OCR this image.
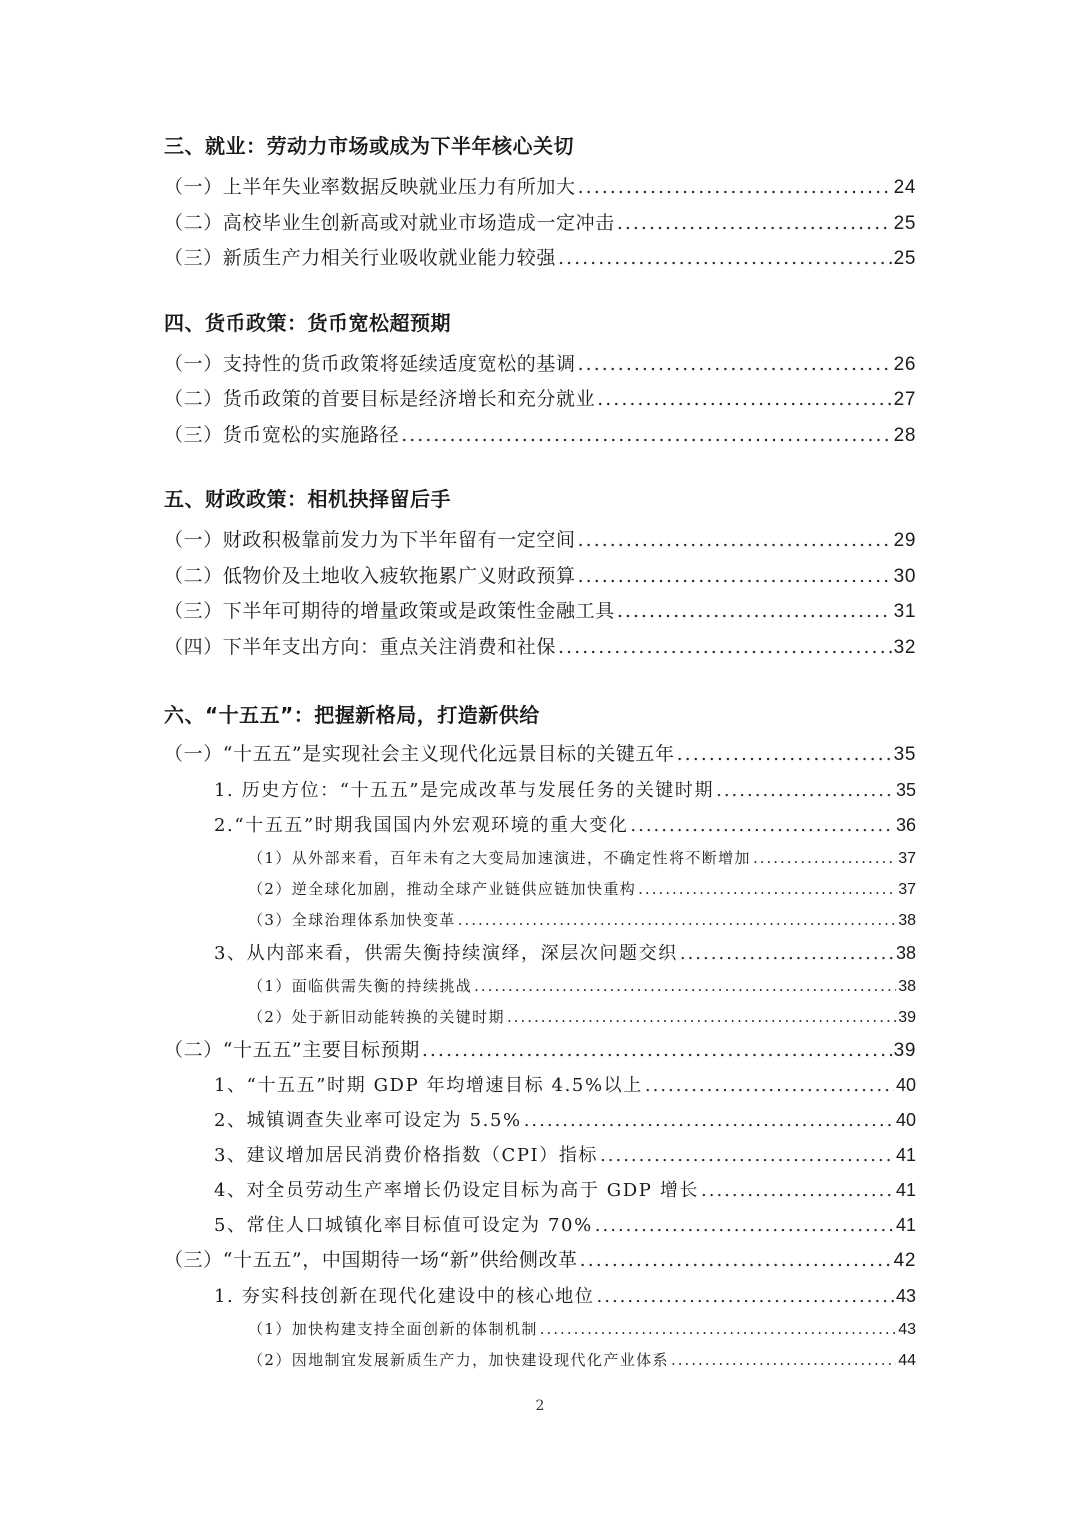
三、就业：劳动力市场或成为下半年核心关切
（一）上半年失业率数据反映就业压力有所加大 .....	24
（二）高校毕业生创新高或对就业市场造成一定冲击 .....	25
（三）新质生产力相关行业吸收就业能力较强 .....	25
四、货币政策：货币宽松超预期
（一）支持性的货币政策将延续适度宽松的基调 .....	26
（二）货币政策的首要目标是经济增长和充分就业 .....	27
（三）货币宽松的实施路径 .....	28
五、财政政策：相机抉择留后手
（一）财政积极靠前发力为下半年留有一定空间 .....	29
（二）低物价及土地收入疲软拖累广义财政预算 .....	30
（三）下半年可期待的增量政策或是政策性金融工具 .....	31
（四）下半年支出方向：重点关注消费和社保 .....	32
六、“十五五”：把握新格局，打造新供给
（一）“十五五”是实现社会主义现代化远景目标的关键五年 .....	35
1. 历史方位：“十五五”是完成改革与发展任务的关键时期 .....	35
2.“十五五”时期我国国内外宏观环境的重大变化 .....	36
（1）从外部来看，百年未有之大变局加速演进，不确定性将不断增加 .....	37
（2）逆全球化加剧，推动全球产业链供应链加快重构 .....	37
（3）全球治理体系加快变革 .....	38
3、从内部来看，供需失衡持续演绎，深层次问题交织 .....	38
（1）面临供需失衡的持续挑战 .....	38
（2）处于新旧动能转换的关键时期 .....	39
（二）“十五五”主要目标预期 .....	39
1、“十五五”时期 GDP 年均增速目标 4.5%以上 .....	40
2、城镇调查失业率可设定为 5.5% .....	40
3、建议增加居民消费价格指数（CPI）指标 .....	41
4、对全员劳动生产率增长仍设定目标为高于 GDP 增长 .....	41
5、常住人口城镇化率目标值可设定为 70% .....	41
（三）“十五五”，中国期待一场“新”供给侧改革 .....	42
1. 夯实科技创新在现代化建设中的核心地位 .....	43
（1）加快构建支持全面创新的体制机制 .....	43
（2）因地制宜发展新质生产力，加快建设现代化产业体系 .....	44
2
